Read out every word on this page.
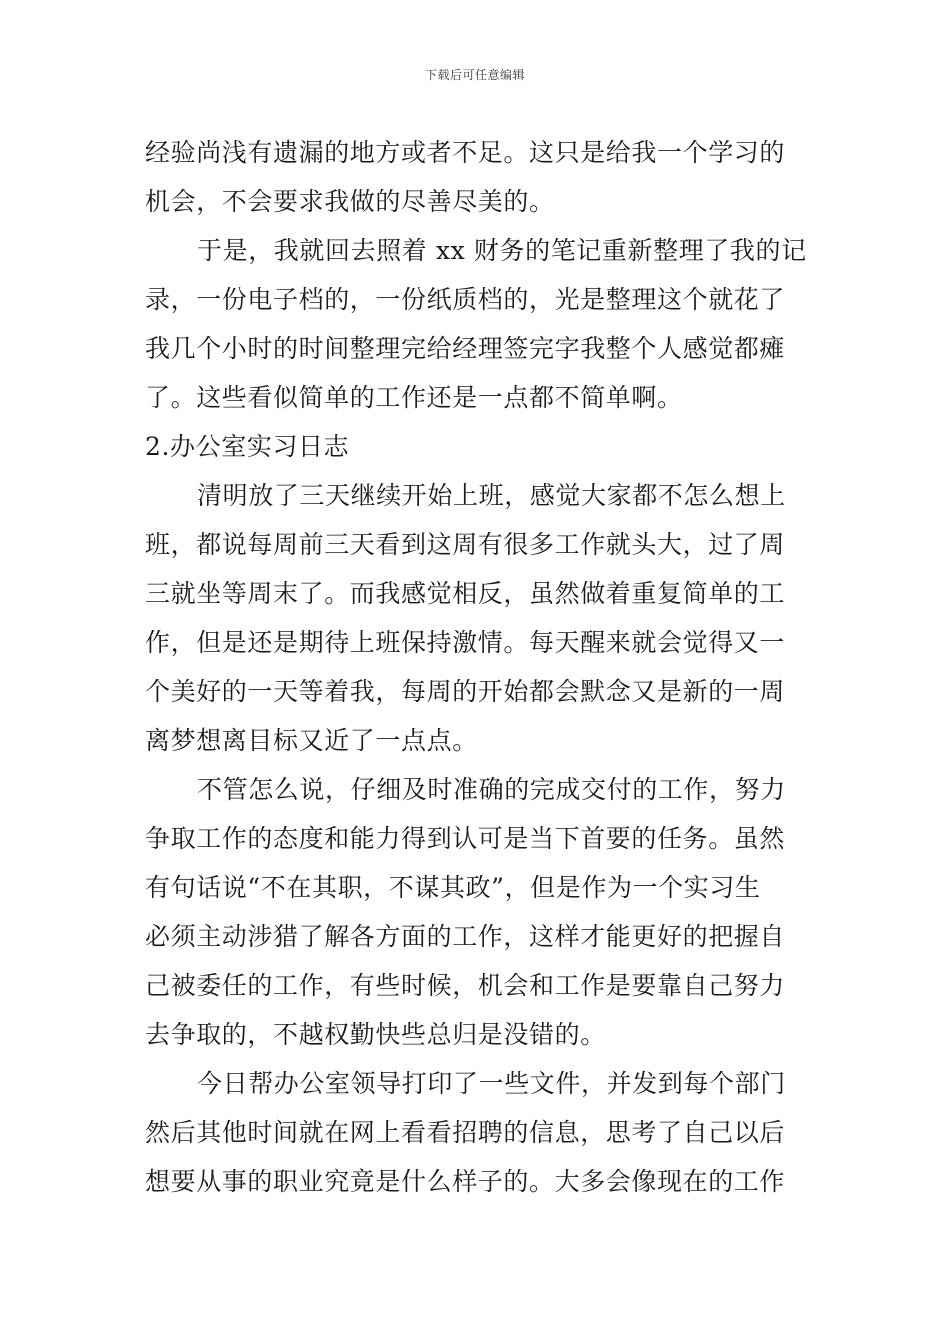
下载后可任意编辑
经验尚浅有遗漏的地方或者不足。这只是给我一个学习的
机会，不会要求我做的尽善尽美的。
于是，我就回去照着 xx 财务的笔记重新整理了我的记
录，一份电子档的，一份纸质档的，光是整理这个就花了
我几个小时的时间整理完给经理签完字我整个人感觉都瘫
了。这些看似简单的工作还是一点都不简单啊。
2.办公室实习日志
清明放了三天继续开始上班，感觉大家都不怎么想上
班，都说每周前三天看到这周有很多工作就头大，过了周
三就坐等周末了。而我感觉相反，虽然做着重复简单的工
作，但是还是期待上班保持激情。每天醒来就会觉得又一
个美好的一天等着我，每周的开始都会默念又是新的一周
离梦想离目标又近了一点点。
不管怎么说，仔细及时准确的完成交付的工作，努力
争取工作的态度和能力得到认可是当下首要的任务。虽然
有句话说“不在其职，不谋其政”，但是作为一个实习生
必须主动涉猎了解各方面的工作，这样才能更好的把握自
己被委任的工作，有些时候，机会和工作是要靠自己努力
去争取的，不越权勤快些总归是没错的。
今日帮办公室领导打印了一些文件，并发到每个部门
然后其他时间就在网上看看招聘的信息，思考了自己以后
想要从事的职业究竟是什么样子的。大多会像现在的工作
